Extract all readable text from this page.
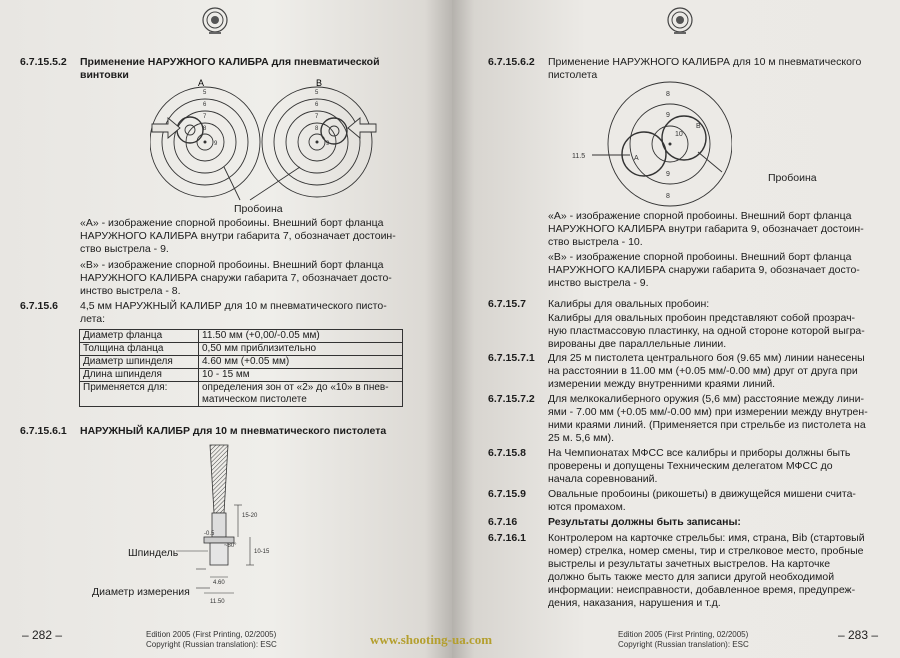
6.7.15.5.2 Применение НАРУЖНОГО КАЛИБРА для пневматической
винтовки
A	B
5
6
7
8
5
6
7
8
9	9
Пробоина
«A» - изображение спорной пробоины. Внешний борт фланца
НАРУЖНОГО КАЛИБРА внутри габарита 7, обозначает достоин-
ство выстрела - 9.
«B» - изображение спорной пробоины. Внешний борт фланца
НАРУЖНОГО КАЛИБРА снаружи габарита 7, обозначает досто-
инство выстрела - 8.
6.7.15.6 4,5 мм НАРУЖНЫЙ КАЛИБР для 10 м пневматического писто-
лета:
Диаметр фланца	11.50 мм (+0,00/-0.05 мм)
Толщина фланца	0,50 мм приблизительно
Диаметр шпинделя	4.60 мм (+0.05 мм)
Длина шпинделя	10 - 15 мм
Применяется для:	определения зон от «2» до «10» в пнев-
матическом пистолете
6.7.15.6.1 НАРУЖНЫЙ КАЛИБР для 10 м пневматического пистолета
-0.5
15-20
~80°
10-15
4.60
11.50
Шпиндель
Диаметр измерения
– 282 –	Edition 2005 (First Printing, 02/2005)
Copyright (Russian translation): ESC
6.7.15.6.2 Применение НАРУЖНОГО КАЛИБРА для 10 м пневматического
пистолета
8
9
10
9
8
11.5	A
B
Пробоина
«A» - изображение спорной пробоины. Внешний борт фланца
НАРУЖНОГО КАЛИБРА внутри габарита 9, обозначает достоин-
ство выстрела - 10.
«B» - изображение спорной пробоины. Внешний борт фланца
НАРУЖНОГО КАЛИБРА снаружи габарита 9, обозначает досто-
инство выстрела - 9.
6.7.15.7 Калибры для овальных пробоин:
Калибры для овальных пробоин представляют собой прозрач-
ную пластмассовую пластинку, на одной стороне которой выгра-
вированы две параллельные линии.
6.7.15.7.1 Для 25 м пистолета центрального боя (9.65 мм) линии нанесены
на расстоянии в 11.00 мм (+0.05 мм/-0.00 мм) друг от друга при
измерении между внутренними краями линий.
6.7.15.7.2 Для мелкокалиберного оружия (5,6 мм) расстояние между лини-
ями - 7.00 мм (+0.05 мм/-0.00 мм) при измерении между внутрен-
ними краями линий. (Применяется при стрельбе из пистолета на
25 м. 5,6 мм).
6.7.15.8 На Чемпионатах МФСС все калибры и приборы должны быть
проверены и допущены Техническим делегатом МФСС до
начала соревнований.
6.7.15.9 Овальные пробоины (рикошеты) в движущейся мишени счита-
ются промахом.
6.7.16	Результаты должны быть записаны:
6.7.16.1 Контролером на карточке стрельбы: имя, страна, Bib (стартовый
номер) стрелка, номер смены, тир и стрелковое место, пробные
выстрелы и результаты зачетных выстрелов. На карточке
должно быть также место для записи другой необходимой
информации: неисправности, добавленное время, предупреж-
дения, наказания, нарушения и т.д.
Edition 2005 (First Printing, 02/2005)
Copyright (Russian translation): ESC
– 283 –
www.shooting-ua.com
